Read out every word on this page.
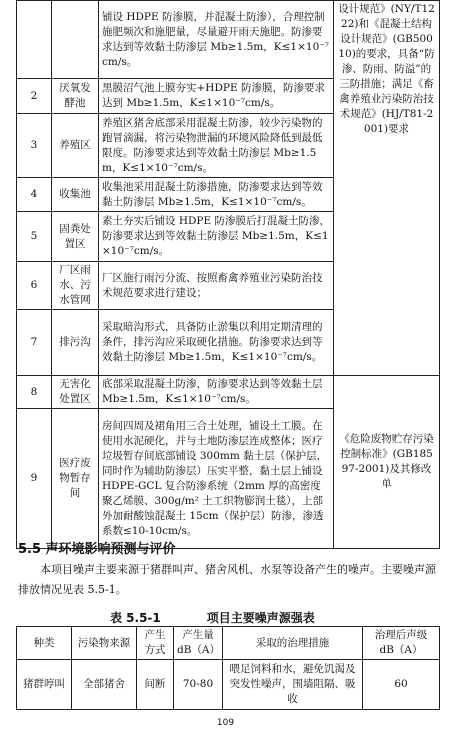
		铺设 HDPE 防渗膜，并混凝土防渗），合理控制施肥频次和施肥量，尽量避开雨天施肥。防渗要求达到等效黏土防渗层 Mb≥1.5m，K≤1×10⁻⁷cm/s。	设计规范》(NY/T1222)和《混凝土结构设计规范》(GB50010)的要求，具备“防渗、防雨、防溢”的三防措施；满足《畜禽养殖业污染防治技术规范》(HJ/T81-2001)要求
2	厌氧发酵池	黑膜沼气池上膜夯实+HDPE 防渗膜，防渗要求达到 Mb≥1.5m，K≤1×10⁻⁷cm/s。	
3	养殖区	养殖区猪舍底部采用混凝土防渗，较少污染物的跑冒滴漏，将污染物泄漏的环境风险降低到最低限度。防渗要求达到等效黏土防渗层 Mb≥1.5m，K≤1×10⁻⁷cm/s。	
4	收集池	收集池采用混凝土防渗措施，防渗要求达到等效黏土防渗层 Mb≥1.5m，K≤1×10⁻⁷cm/s。	
5	固粪处置区	素土夯实后铺设 HDPE 防渗膜后打混凝土防渗，防渗要求达到等效黏土防渗层 Mb≥1.5m，K≤1×10⁻⁷cm/s。	
6	厂区雨水、污水管网	厂区施行雨污分流、按照畜禽养殖业污染防治技术规范要求进行建设；	
7	排污沟	采取暗沟形式，具备防止淤集以利用定期清理的条件，排污沟应采取硬化措施。防渗要求达到等效黏土防渗层 Mb≥1.5m，K≤1×10⁻⁷cm/s。	
8	无害化处置区	底部采取混凝土防渗，防渗要求达到等效黏土层 Mb≥1.5m，K≤1×10⁻⁷cm/s。	《危险废物贮存污染控制标准》(GB18597-2001)及其修改单
9	医疗废物暂存间	房间四周及裙角用三合土处理，铺设土工膜。在使用水泥硬化，并与土地防渗层连成整体；医疗垃圾暂存间底部铺设 300mm 黏土层（保护层，同时作为辅助防渗层）压实平整，黏土层上铺设 HDPE-GCL 复合防渗系统（2mm 厚的高密度聚乙烯膜、300g/m² 土工织物膨润土毯），上部外加耐酸蚀混凝土 15cm（保护层）防渗，渗透系数≤10-10cm/s。	
5.5 声环境影响预测与评价
本项目噪声主要来源于猪群叫声、猪舍风机、水泵等设备产生的噪声。主要噪声源排放情况见表 5.5-1。
表 5.5-1	项目主要噪声源强表
种类	污染物来源	产生方式	产生量 dB（A）	采取的治理措施	治理后声级 dB（A）
猪群哼叫	全部猪舍	间断	70-80	喂足饲料和水，避免饥渴及突发性噪声，围墙阻隔、吸收	60
109
